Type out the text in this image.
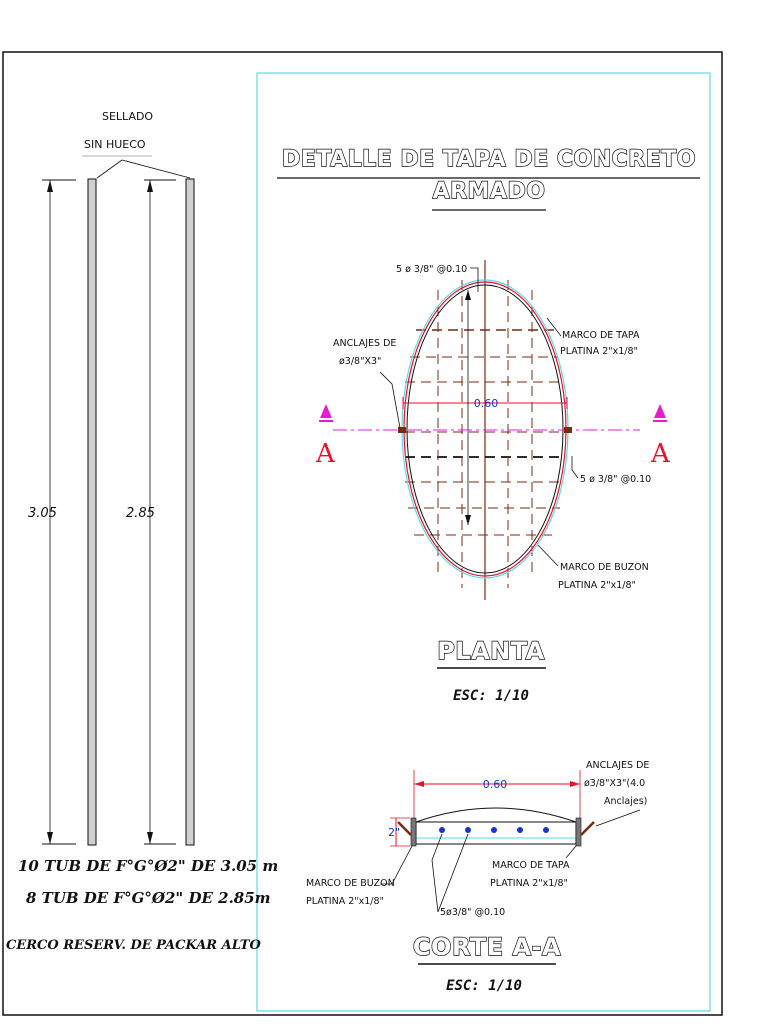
SELLADO
SIN HUECO
3.05	2.85
10 TUB DE F°G°Ø2" DE 3.05 m
8 TUB DE F°G°Ø2" DE 2.85m
CERCO RESERV. DE PACKAR ALTO
DETALLE DE TAPA DE CONCRETO
ARMADO
0.60
A	A
5 ø 3/8" @0.10
ANCLAJES DE
ø3/8"X3"
MARCO DE TAPA
PLATINA 2"x1/8"
5 ø 3/8" @0.10
MARCO DE BUZON
PLATINA 2"x1/8"
PLANTA
ESC: 1/10
0.60
2"
ANCLAJES DE
ø3/8"X3"(4.0
Anclajes)
MARCO DE TAPA
PLATINA 2"x1/8"
MARCO DE BUZON
PLATINA 2"x1/8"
5ø3/8" @0.10
CORTE A-A
ESC: 1/10
